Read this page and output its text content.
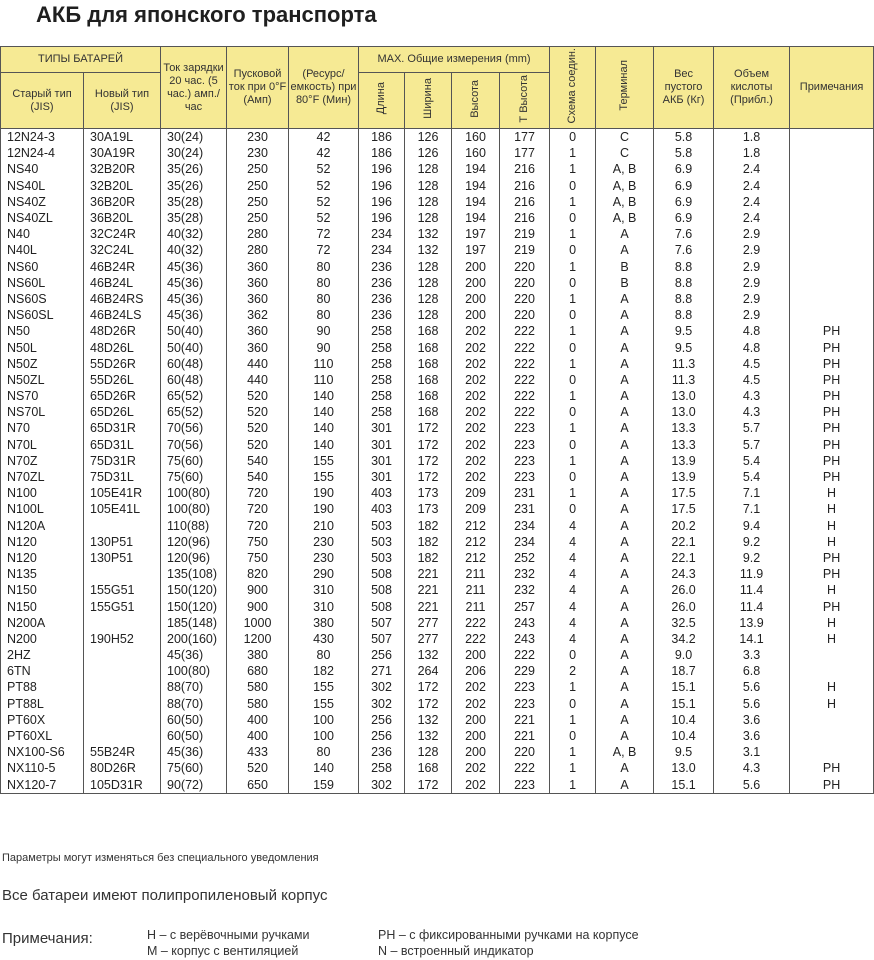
АКБ для японского транспорта
ТИПЫ БАТАРЕЙ		Ток зарядки 20 час. (5 час.) амп./час	Пусковой ток при 0°F (Амп)	(Ресурс/ емкость) при 80°F (Мин)	МАХ. Общие измерения (mm)				Схема соедин.	Терминал	Вес пустого АКБ (Кг)	Объем кислоты (Прибл.)	Примечания
Старый тип (JIS)	Новый тип (JIS)				Длина	Ширина	Высота	Т Высота					
12N24-3	30A19L	30(24)	230	42	186	126	160	177	0	C	5.8	1.8	
12N24-4	30A19R	30(24)	230	42	186	126	160	177	1	C	5.8	1.8	
NS40	32B20R	35(26)	250	52	196	128	194	216	1	A, B	6.9	2.4	
NS40L	32B20L	35(26)	250	52	196	128	194	216	0	A, B	6.9	2.4	
NS40Z	36B20R	35(28)	250	52	196	128	194	216	1	A, B	6.9	2.4	
NS40ZL	36B20L	35(28)	250	52	196	128	194	216	0	A, B	6.9	2.4	
N40	32C24R	40(32)	280	72	234	132	197	219	1	A	7.6	2.9	
N40L	32C24L	40(32)	280	72	234	132	197	219	0	A	7.6	2.9	
NS60	46B24R	45(36)	360	80	236	128	200	220	1	B	8.8	2.9	
NS60L	46B24L	45(36)	360	80	236	128	200	220	0	B	8.8	2.9	
NS60S	46B24RS	45(36)	360	80	236	128	200	220	1	A	8.8	2.9	
NS60SL	46B24LS	45(36)	362	80	236	128	200	220	0	A	8.8	2.9	
N50	48D26R	50(40)	360	90	258	168	202	222	1	A	9.5	4.8	PH
N50L	48D26L	50(40)	360	90	258	168	202	222	0	A	9.5	4.8	PH
N50Z	55D26R	60(48)	440	110	258	168	202	222	1	A	11.3	4.5	PH
N50ZL	55D26L	60(48)	440	110	258	168	202	222	0	A	11.3	4.5	PH
NS70	65D26R	65(52)	520	140	258	168	202	222	1	A	13.0	4.3	PH
NS70L	65D26L	65(52)	520	140	258	168	202	222	0	A	13.0	4.3	PH
N70	65D31R	70(56)	520	140	301	172	202	223	1	A	13.3	5.7	PH
N70L	65D31L	70(56)	520	140	301	172	202	223	0	A	13.3	5.7	PH
N70Z	75D31R	75(60)	540	155	301	172	202	223	1	A	13.9	5.4	PH
N70ZL	75D31L	75(60)	540	155	301	172	202	223	0	A	13.9	5.4	PH
N100	105E41R	100(80)	720	190	403	173	209	231	1	A	17.5	7.1	H
N100L	105E41L	100(80)	720	190	403	173	209	231	0	A	17.5	7.1	H
N120A		110(88)	720	210	503	182	212	234	4	A	20.2	9.4	H
N120	130P51	120(96)	750	230	503	182	212	234	4	A	22.1	9.2	H
N120	130P51	120(96)	750	230	503	182	212	252	4	A	22.1	9.2	PH
N135		135(108)	820	290	508	221	211	232	4	A	24.3	11.9	PH
N150	155G51	150(120)	900	310	508	221	211	232	4	A	26.0	11.4	H
N150	155G51	150(120)	900	310	508	221	211	257	4	A	26.0	11.4	PH
N200A		185(148)	1000	380	507	277	222	243	4	A	32.5	13.9	H
N200	190H52	200(160)	1200	430	507	277	222	243	4	A	34.2	14.1	H
2HZ		45(36)	380	80	256	132	200	222	0	A	9.0	3.3	
6TN		100(80)	680	182	271	264	206	229	2	A	18.7	6.8	
PT88		88(70)	580	155	302	172	202	223	1	A	15.1	5.6	H
PT88L		88(70)	580	155	302	172	202	223	0	A	15.1	5.6	H
PT60X		60(50)	400	100	256	132	200	221	1	A	10.4	3.6	
PT60XL		60(50)	400	100	256	132	200	221	0	A	10.4	3.6	
NX100-S6	55B24R	45(36)	433	80	236	128	200	220	1	A, B	9.5	3.1	
NX110-5	80D26R	75(60)	520	140	258	168	202	222	1	A	13.0	4.3	PH
NX120-7	105D31R	90(72)	650	159	302	172	202	223	1	A	15.1	5.6	PH
Параметры могут изменяться без специального уведомления
Все батареи имеют полипропиленовый корпус
Примечания:	Н – с верёвочными ручками
М – корпус с вентиляцией
РН – с фиксированными ручками на корпусе
N – встроенный индикатор
